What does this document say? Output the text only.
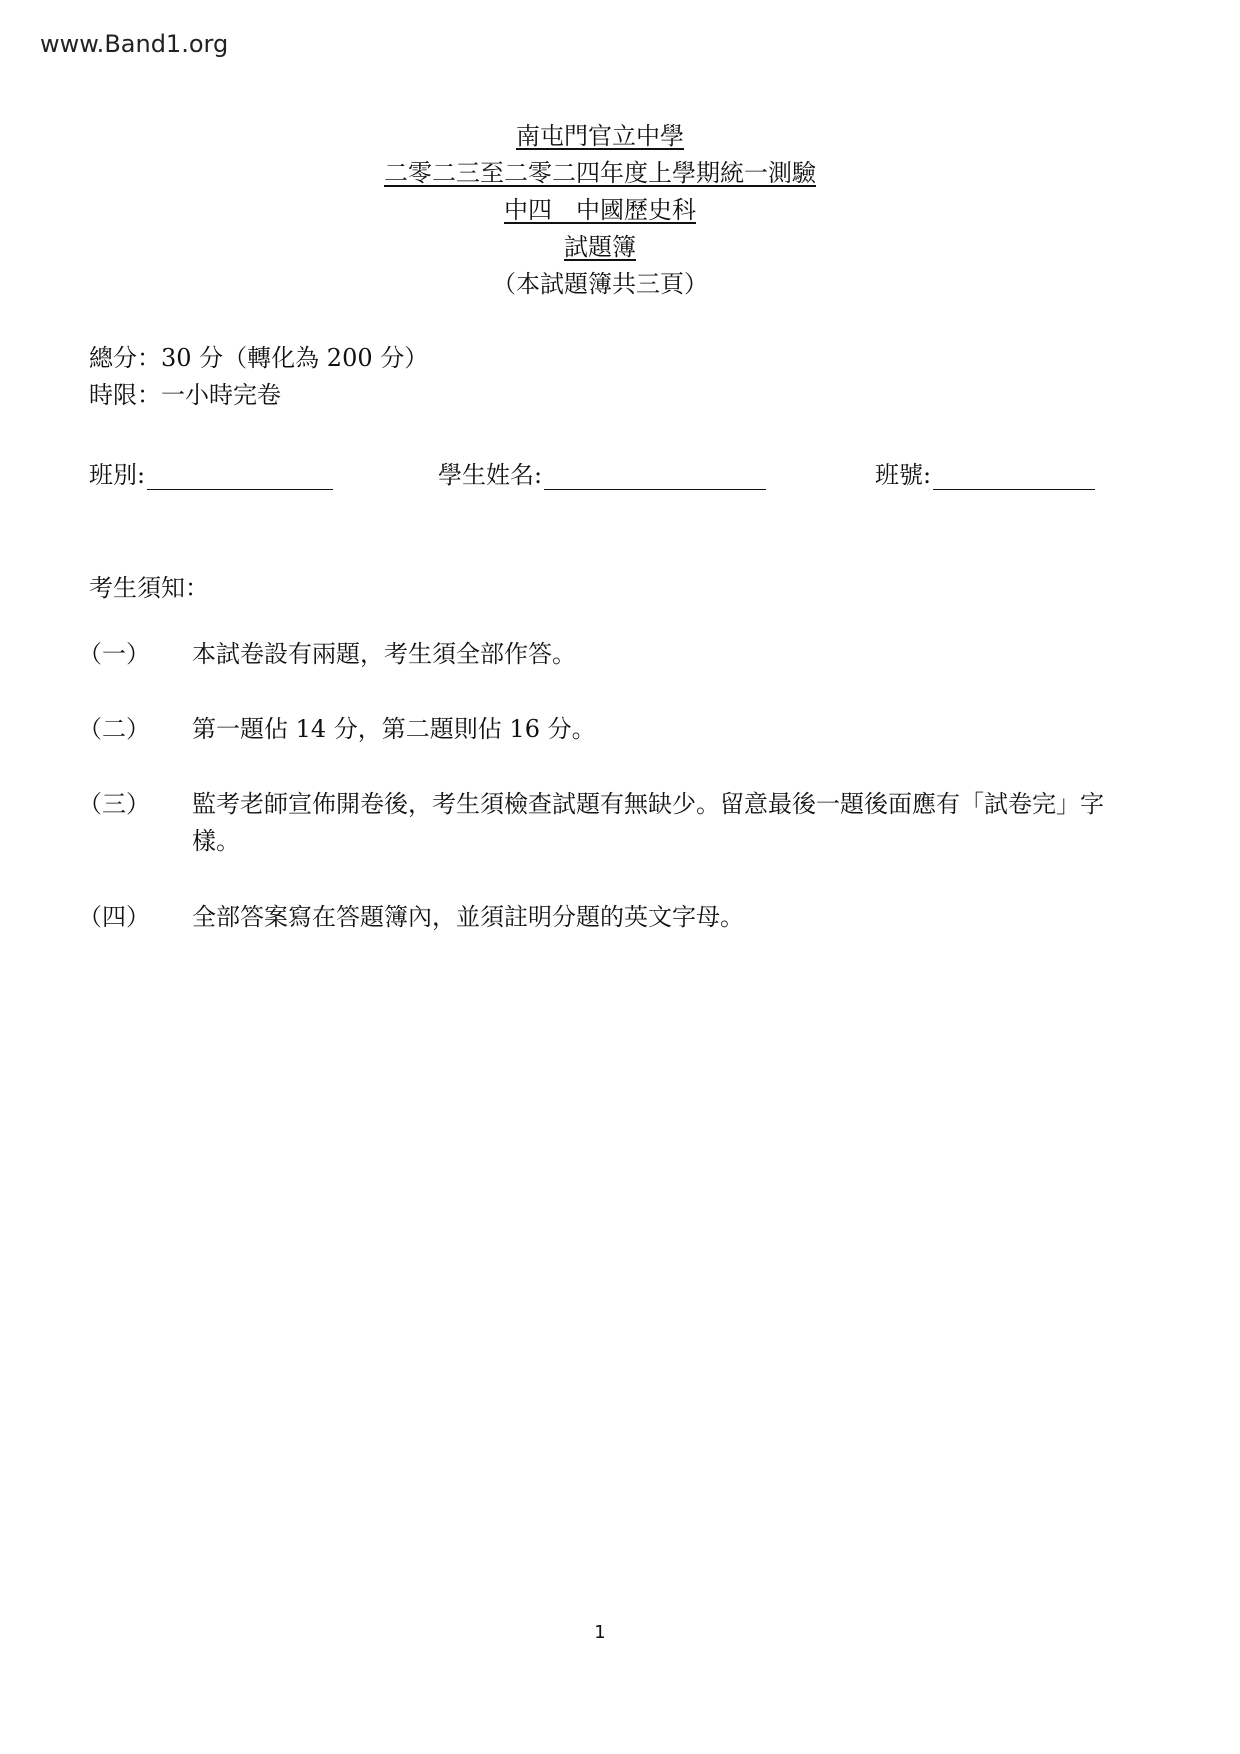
www.Band1.org
南屯門官立中學
二零二三至二零二四年度上學期統一測驗
中四　中國歷史科
試題簿
（本試題簿共三頁）
總分：30 分（轉化為 200 分）
時限：一小時完卷
班別:	學生姓名:	班號:
考生須知：
（一）	本試卷設有兩題，考生須全部作答。
（二）	第一題佔 14 分，第二題則佔 16 分。
（三）	監考老師宣佈開卷後，考生須檢查試題有無缺少。留意最後一題後面應有「試卷完」字樣。
（四）	全部答案寫在答題簿內，並須註明分題的英文字母。
1
